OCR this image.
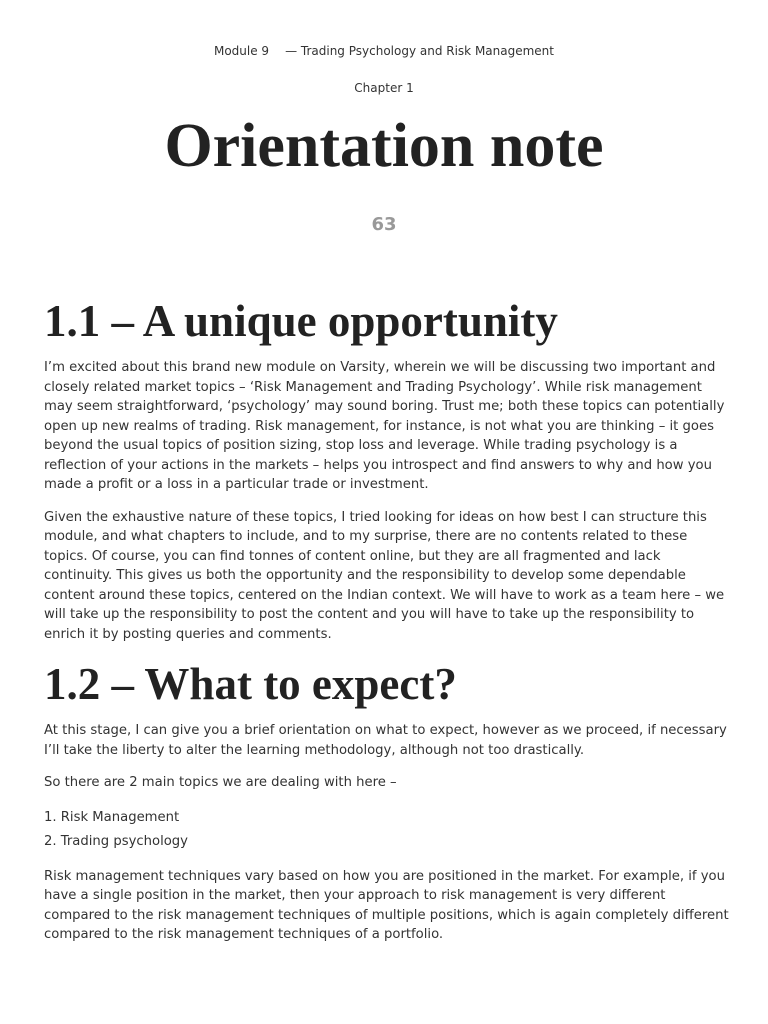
Module 9 — Trading Psychology and Risk Management
Chapter 1
Orientation note
63
1.1 – A unique opportunity

I’m excited about this brand new module on Varsity, wherein we will be discussing two important and closely related market topics – ‘Risk Management and Trading Psychology’. While risk management may seem straightforward, ‘psychology’ may sound boring. Trust me; both these topics can potentially open up new realms of trading. Risk management, for instance, is not what you are thinking – it goes beyond the usual topics of position sizing, stop loss and leverage. While trading psychology is a reflection of your actions in the markets – helps you introspect and find answers to why and how you made a profit or a loss in a particular trade or investment.

Given the exhaustive nature of these topics, I tried looking for ideas on how best I can structure this module, and what chapters to include, and to my surprise, there are no contents related to these topics. Of course, you can find tonnes of content online, but they are all fragmented and lack continuity. This gives us both the opportunity and the responsibility to develop some dependable content around these topics, centered on the Indian context. We will have to work as a team here – we will take up the responsibility to post the content and you will have to take up the responsibility to enrich it by posting queries and comments.

1.2 – What to expect?

At this stage, I can give you a brief orientation on what to expect, however as we proceed, if necessary I’ll take the liberty to alter the learning methodology, although not too drastically.

So there are 2 main topics we are dealing with here –

1. Risk Management
2. Trading psychology

Risk management techniques vary based on how you are positioned in the market. For example, if you have a single position in the market, then your approach to risk management is very different compared to the risk management techniques of multiple positions, which is again completely different compared to the risk management techniques of a portfolio.
